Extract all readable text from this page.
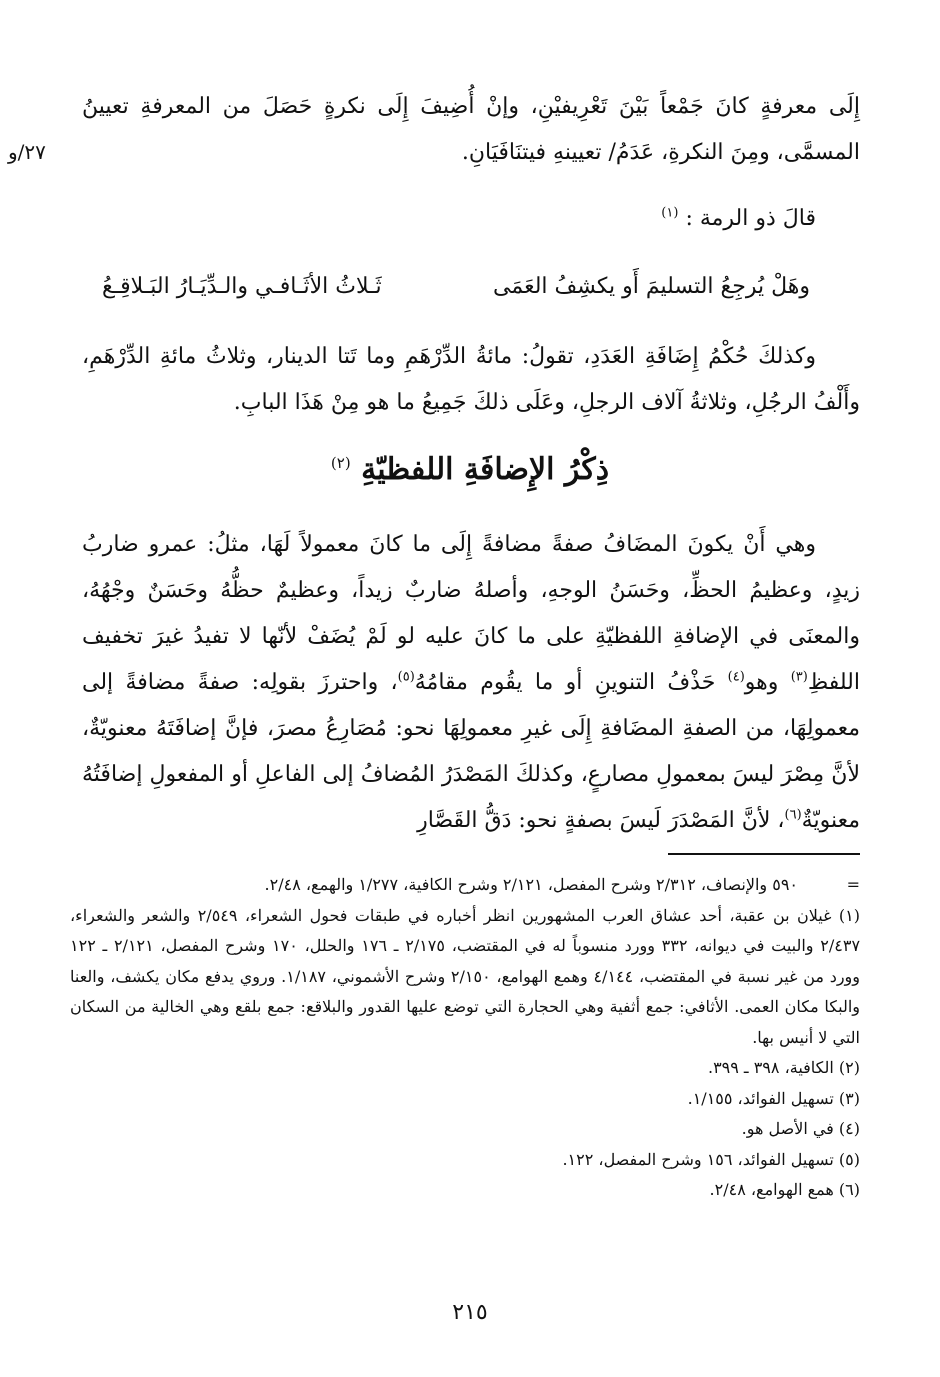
٢٧/و

إِلَى معرفةٍ كانَ جَمْعاً بَيْنَ تَعْرِيفيْنِ، وإنْ أُضِيفَ إِلَى نكرةٍ حَصَلَ من المعرفةِ تعيينُ المسمَّى، ومِنَ النكرةِ، عَدَمُ/ تعيينهِ فيتنَافَيَانِ.

قالَ ذو الرمة : $^{(١)}$

وهَلْ يُرجِعُ التسليمَ أَو يكشِفُ العَمَى
ثَـلاثُ الأثَـافـي والـدِّيَـارُ البَـلاقِـعُ

وكذلكَ حُكْمُ إِضَافَةِ العَدَدِ، تقولُ: مائةُ الدِّرْهَمِ وما تَتا الدينار، وثلاثُ مائةِ الدِّرْهَمِ، وأَلْفُ الرجُلِ، وثلاثةُ آلاف الرجلِ، وعَلَى ذلكَ جَمِيعُ ما هو مِنْ هَذَا البابِ.

ذِكْرُ الإِضافَةِ اللفظيّةِ $^{(٢)}$

وهي أَنْ يكونَ المضَافُ صفةً مضافةً إِلَى ما كانَ معمولاً لَهَا، مثلُ: عمرو ضاربُ زيدٍ، وعظيمُ الحظِّ، وحَسَنُ الوجهِ، وأصلهُ ضاربٌ زيداً، وعظيمٌ حظُّهُ وحَسَنٌ وجْهُهُ، والمعنَى في الإضافةِ اللفظيّةِ على ما كانَ عليه لو لَمْ يُضَفْ لأنّها لا تفيدُ غيرَ تخفيف اللفظِ$^{(٣)}$ وهو$^{(٤)}$ حَذْفُ التنوينِ أو ما يقُوم مقامُهُ$^{(٥)}$، واحترزَ بقولِه: صفةً مضافةً إلى معمولِهَا، من الصفةِ المضَافةِ إِلَى غيرِ معمولِهَا نحو: مُصَارِعُ مصرَ، فإنَّ إضافَتَهُ معنويّةٌ، لأنَّ مِصْرَ ليسَ بمعمولِ مصارعٍ، وكذلكَ المَصْدَرُ المُضافُ إلى الفاعلِ أو المفعولِ إضافَتُهُ معنويّةٌ$^{(٦)}$، لأنَّ المَصْدَرَ لَيسَ بصفةٍ نحو: دَقُّ القَصَّارِ

=
٥٩٠ والإنصاف، ٢/٣١٢ وشرح المفصل، ٢/١٢١ وشرح الكافية، ١/٢٧٧ والهمع، ٢/٤٨.

(١) غيلان بن عقبة، أحد عشاق العرب المشهورين انظر أخباره في طبقات فحول الشعراء، ٢/٥٤٩ والشعر والشعراء، ٢/٤٣٧ والبيت في ديوانه، ٣٣٢ وورد منسوباً له في المقتضب، ٢/١٧٥ ـ ١٧٦ والحلل، ١٧٠ وشرح المفصل، ٢/١٢١ ـ ١٢٢ وورد من غير نسبة في المقتضب، ٤/١٤٤ وهمع الهوامع، ٢/١٥٠ وشرح الأشموني، ١/١٨٧. وروي يدفع مكان يكشف، والعنا والبكا مكان العمى. الأثافي: جمع أثفية وهي الحجارة التي توضع عليها القدور والبلاقع: جمع بلقع وهي الخالية من السكان التي لا أنيس بها.

(٢) الكافية، ٣٩٨ ـ ٣٩٩.

(٣) تسهيل الفوائد، ١/١٥٥.

(٤) في الأصل هو.

(٥) تسهيل الفوائد، ١٥٦ وشرح المفصل، ١٢٢.

(٦) همع الهوامع، ٢/٤٨.

٢١٥
